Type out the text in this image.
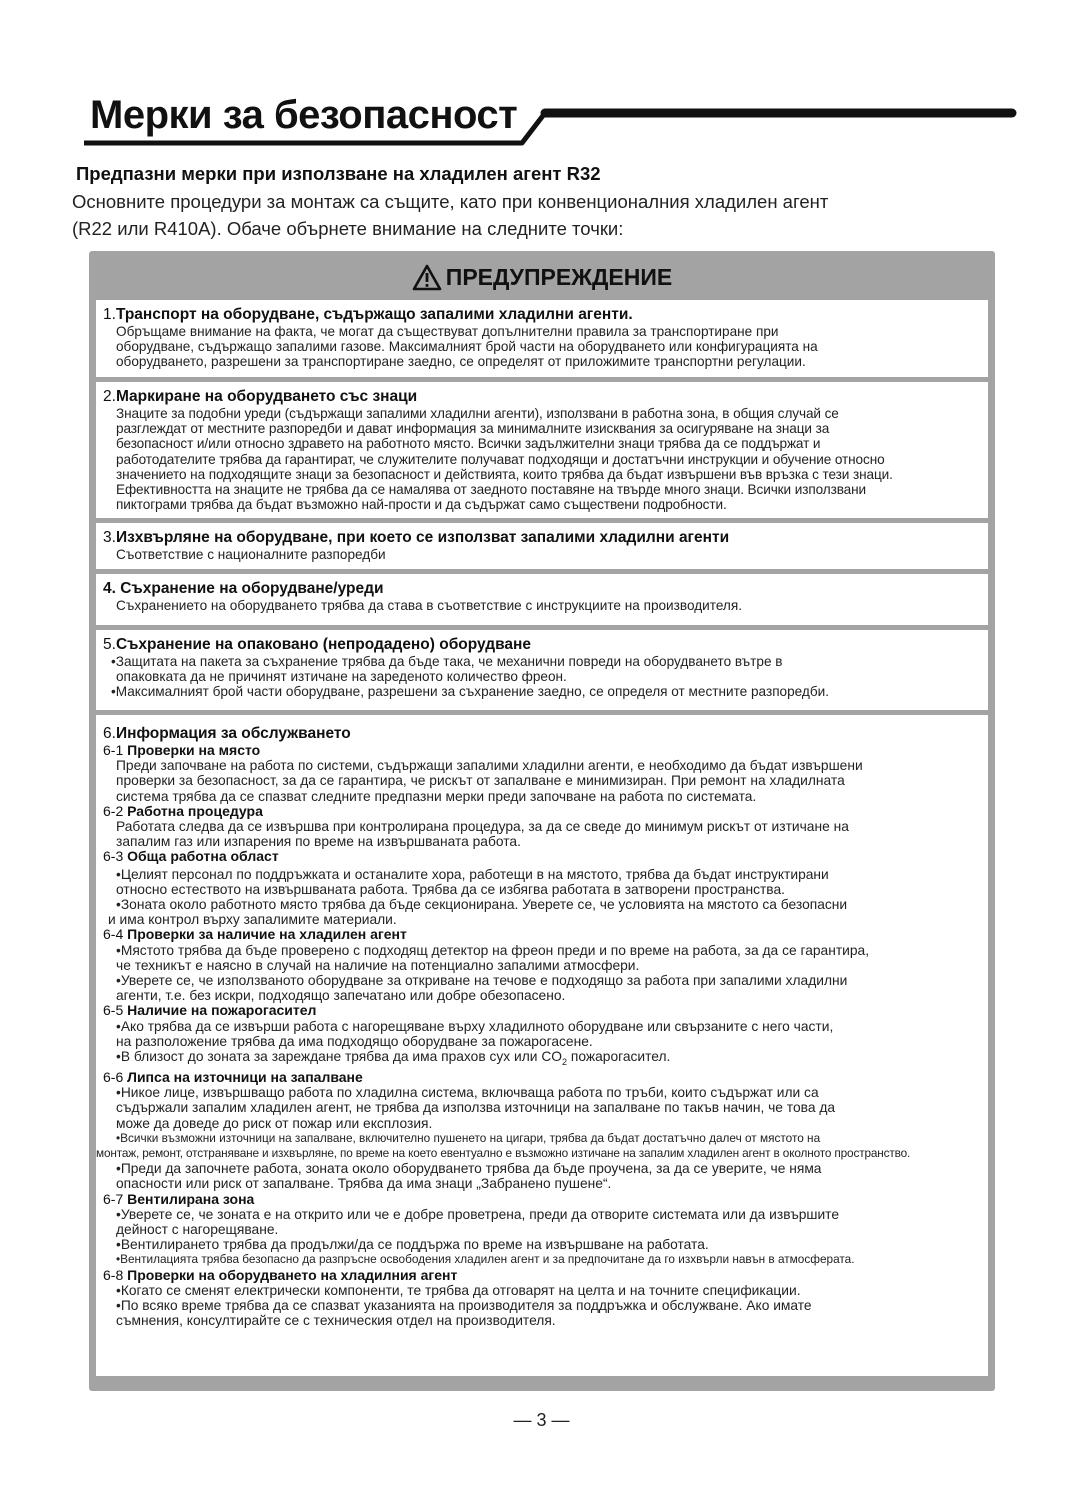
Мерки за безопасност
Предпазни мерки при използване на хладилен агент R32
Основните процедури за монтаж са същите, като при конвенционалния хладилен агент
(R22 или R410A). Обаче обърнете внимание на следните точки:
ПРЕДУПРЕЖДЕНИЕ
1.Транспорт на оборудване, съдържащо запалими хладилни агенти.
Обръщаме внимание на факта, че могат да съществуват допълнителни правила за транспортиране при
оборудване, съдържащо запалими газове. Максималният брой части на оборудването или конфигурацията на
оборудването, разрешени за транспортиране заедно, се определят от приложимите транспортни регулации.
2.Маркиране на оборудването със знаци
Знаците за подобни уреди (съдържащи запалими хладилни агенти), използвани в работна зона, в общия случай се
разглеждат от местните разпоредби и дават информация за минималните изисквания за осигуряване на знаци за
безопасност и/или относно здравето на работното място. Всички задължителни знаци трябва да се поддържат и
работодателите трябва да гарантират, че служителите получават подходящи и достатъчни инструкции и обучение относно
значението на подходящите знаци за безопасност и действията, които трябва да бъдат извършени във връзка с тези знаци.
Ефективността на знаците не трябва да се намалява от заедното поставяне на твърде много знаци. Всички използвани
пиктограми трябва да бъдат възможно най-прости и да съдържат само съществени подробности.
3.Изхвърляне на оборудване, при което се използват запалими хладилни агенти
Съответствие с националните разпоредби
4. Съхранение на оборудване/уреди
Съхранението на оборудването трябва да става в съответствие с инструкциите на производителя.
5.Съхранение на опаковано (непродадено) оборудване
•Защитата на пакета за съхранение трябва да бъде така, че механични повреди на оборудването вътре в
опаковката да не причинят изтичане на зареденото количество фреон.
•Максималният брой части оборудване, разрешени за съхранение заедно, се определя от местните разпоредби.
6.Информация за обслужването
6-1 Проверки на място
Преди започване на работа по системи, съдържащи запалими хладилни агенти, е необходимо да бъдат извършени
проверки за безопасност, за да се гарантира, че рискът от запалване е минимизиран. При ремонт на хладилната
система трябва да се спазват следните предпазни мерки преди започване на работа по системата.
6-2 Работна процедура
Работата следва да се извършва при контролирана процедура, за да се сведе до минимум рискът от изтичане на
запалим газ или изпарения по време на извършваната работа.
6-3 Обща работна област
•Целият персонал по поддръжката и останалите хора, работещи в на мястото, трябва да бъдат инструктирани
относно естеството на извършваната работа. Трябва да се избягва работата в затворени пространства.
•Зоната около работното място трябва да бъде секционирана. Уверете се, че условията на мястото са безопасни
и има контрол върху запалимите материали.
6-4 Проверки за наличие на хладилен агент
•Мястото трябва да бъде проверено с подходящ детектор на фреон преди и по време на работа, за да се гарантира,
че техникът е наясно в случай на наличие на потенциално запалими атмосфери.
•Уверете се, че използваното оборудване за откриване на течове е подходящо за работа при запалими хладилни
агенти, т.е. без искри, подходящо запечатано или добре обезопасено.
6-5 Наличие на пожарогасител
•Ако трябва да се извърши работа с нагорещяване върху хладилното оборудване или свързаните с него части,
на разположение трябва да има подходящо оборудване за пожарогасене.
•В близост до зоната за зареждане трябва да има прахов сух или $CO_2$ пожарогасител.
6-6 Липса на източници на запалване
•Никое лице, извършващо работа по хладилна система, включваща работа по тръби, които съдържат или са
съдържали запалим хладилен агент, не трябва да използва източници на запалване по такъв начин, че това да
може да доведе до риск от пожар или експлозия.
•Всички възможни източници на запалване, включително пушенето на цигари, трябва да бъдат достатъчно далеч от мястото на
монтаж, ремонт, отстраняване и изхвърляне, по време на което евентуално е възможно изтичане на запалим хладилен агент в околното пространство.
•Преди да започнете работа, зоната около оборудването трябва да бъде проучена, за да се уверите, че няма
опасности или риск от запалване. Трябва да има знаци „Забранено пушене“.
6-7 Вентилирана зона
•Уверете се, че зоната е на открито или че е добре проветрена, преди да отворите системата или да извършите
дейност с нагорещяване.
•Вентилирането трябва да продължи/да се поддържа по време на извършване на работата.
•Вентилацията трябва безопасно да разпръсне освободения хладилен агент и за предпочитане да го изхвърли навън в атмосферата.
6-8 Проверки на оборудването на хладилния агент
•Когато се сменят електрически компоненти, те трябва да отговарят на целта и на точните спецификации.
•По всяко време трябва да се спазват указанията на производителя за поддръжка и обслужване. Ако имате
съмнения, консултирайте се с техническия отдел на производителя.
— 3 —
